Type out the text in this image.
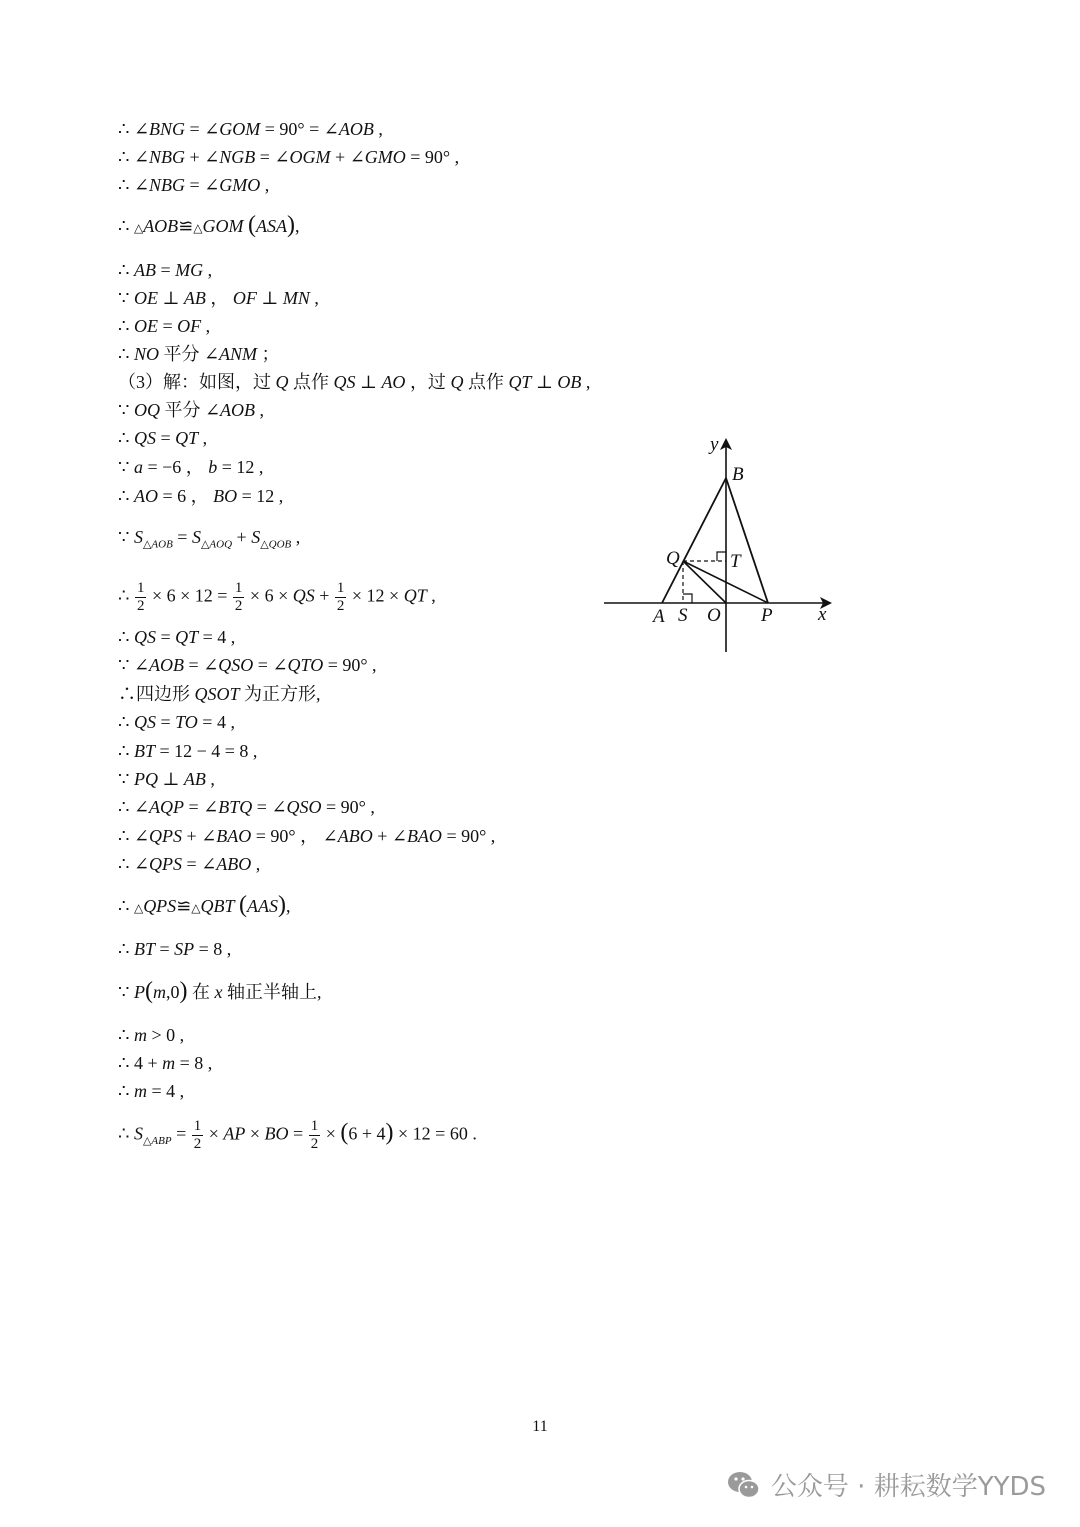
∴ ∠BNG = ∠GOM = 90° = ∠AOB ,
∴ ∠NBG + ∠NGB = ∠OGM + ∠GMO = 90° ,
∴ ∠NBG = ∠GMO ,
∴ △AOB≌△GOM (ASA),
∴ AB = MG ,
∵ OE ⊥ AB ， OF ⊥ MN ,
∴ OE = OF ,
∴ NO 平分 ∠ANM ；
（3）解：如图，过 Q 点作 QS ⊥ AO ，过 Q 点作 QT ⊥ OB ,
∵ OQ 平分 ∠AOB ,
∴ QS = QT ,
∵ a = −6 ， b = 12 ,
∴ AO = 6 ， BO = 12 ,
∵ $S_{\triangle AOB} = S_{\triangle AOQ} + S_{\triangle QOB}$ ,
∴ $\frac{1}{2} \times 6 \times 12 = \frac{1}{2} \times 6$ × QS + $\frac{1}{2} \times 12$ × QT ,
∴ QS = QT = 4 ,
∵ ∠AOB = ∠QSO = ∠QTO = 90° ,
∴四边形 QSOT 为正方形,
∴ QS = TO = 4 ,
∴ BT = 12 − 4 = 8 ,
∵ PQ ⊥ AB ,
∴ ∠AQP = ∠BTQ = ∠QSO = 90° ,
∴ ∠QPS + ∠BAO = 90° ， ∠ABO + ∠BAO = 90° ,
∴ ∠QPS = ∠ABO ,
∴ △QPS≌△QBT (AAS),
∴ BT = SP = 8 ,
∵ P(m,0) 在 x 轴正半轴上,
∴ m > 0 ,
∴ 4 + m = 8 ,
∴ m = 4 ,
∴ $S_{\triangle ABP} = \frac{1}{2}$ × AP × BO = $\frac{1}{2} \times (6 + 4) \times 12 = 60$ .
y
x
B
Q	T
A S O P
11
公众号 · 耕耘数学YYDS
